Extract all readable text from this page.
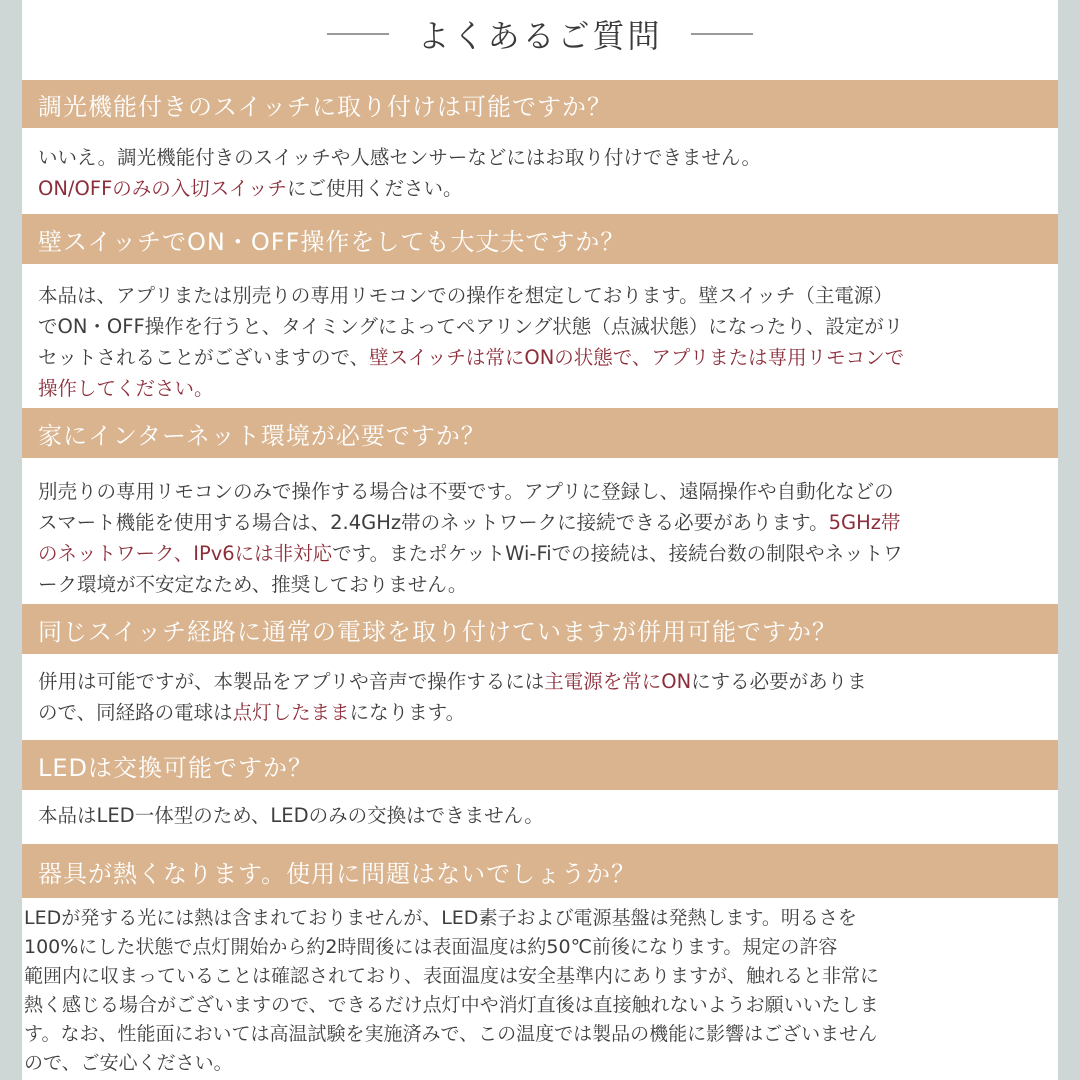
よくあるご質問
調光機能付きのスイッチに取り付けは可能ですか？
いいえ。調光機能付きのスイッチや人感センサーなどにはお取り付けできません。
ON/OFFのみの入切スイッチにご使用ください。
壁スイッチでON・OFF操作をしても大丈夫ですか？
本品は、アプリまたは別売りの専用リモコンでの操作を想定しております。壁スイッチ（主電源）
でON・OFF操作を行うと、タイミングによってペアリング状態（点滅状態）になったり、設定がリ
セットされることがございますので、壁スイッチは常にONの状態で、アプリまたは専用リモコンで
操作してください。
家にインターネット環境が必要ですか？
別売りの専用リモコンのみで操作する場合は不要です。アプリに登録し、遠隔操作や自動化などの
スマート機能を使用する場合は、2.4GHz帯のネットワークに接続できる必要があります。5GHz帯
のネットワーク、IPv6には非対応です。またポケットWi-Fiでの接続は、接続台数の制限やネットワ
ーク環境が不安定なため、推奨しておりません。
同じスイッチ経路に通常の電球を取り付けていますが併用可能ですか？
併用は可能ですが、本製品をアプリや音声で操作するには主電源を常にONにする必要がありま
ので、同経路の電球は点灯したままになります。
LEDは交換可能ですか？
本品はLED一体型のため、LEDのみの交換はできません。
器具が熱くなります。使用に問題はないでしょうか？
LEDが発する光には熱は含まれておりませんが、LED素子および電源基盤は発熱します。明るさを
100%にした状態で点灯開始から約2時間後には表面温度は約50℃前後になります。規定の許容
範囲内に収まっていることは確認されており、表面温度は安全基準内にありますが、触れると非常に
熱く感じる場合がございますので、できるだけ点灯中や消灯直後は直接触れないようお願いいたしま
す。なお、性能面においては高温試験を実施済みで、この温度では製品の機能に影響はございません
ので、ご安心ください。
